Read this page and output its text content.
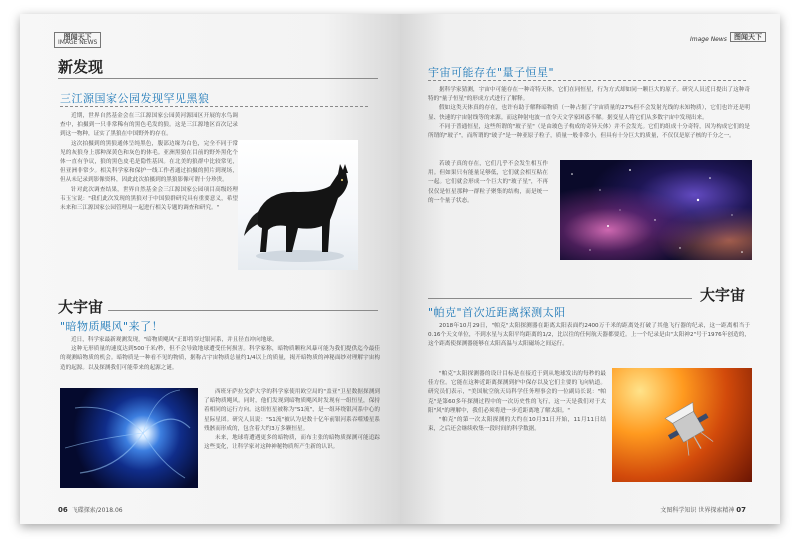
图闻天下
IMAGE NEWS
新发现
三江源国家公园发现罕见黑狼

近期，世界自然基金会在三江源国家公园黄河源园区开展的水鸟调查中，拍摄到一只非常稀有的黑色毛发的狼。这是三江源地区首次记录到这一物种，证实了黑狼在中国野外的存在。

这次拍摄到的黑狼通体呈纯黑色，腹部边缘为白色，完全不同于常见的灰狼身上那种深黄色和灰色的体毛。亚洲黑狼在目前的野外黑化个体一直有争议，狼的黑色皮毛是隐性基因。在北美的狼群中比较常见，但亚洲非常少。相关科学家和保护一线工作者通过拍摄的照片到现场，但从未记录到影像资料，因此此次拍摄到的黑狼影像可谓十分珍贵。

针对此次调查结果，世界自然基金会三江源国家公园项目高级经理韦玉宝说："我们此次发现的黑狼对于中国狼群研究具有重要意义，希望未来和三江源国家公园管理局一起进行相关专题的调查和研究。"

大宇宙
"暗物质飓风"来了！

近日，科学家最新观测发现，"暗物质飓风"正即将穿过银河系，并且径直冲向地球。

这种无形质量的速度达到500千米/秒，但不会导致地球遭受任何损害。科学家称，暗物质颗粒风暴可能为我们提供迄今最佳的观测暗物质的机会。暗物质是一种看不见的物质，据称占宇宙物质总量约1/4以上的质量，揭开暗物质的神秘面纱对理解宇宙构造的起源。以及探测我们可能带来的起源之谜。

西班牙萨拉戈萨大学的科学家使用欧空局的"盖亚"卫星数据探测到了暗物质飓风。同时，他们发现到暗物质飓风时发现有一组恒星，保持着相同的运行方向。这组恒星被称为"S1流"，是一组环绕银河系中心的星际星团。研究人员说："S1流"被认为是数十亿年前银河系吞噬矮星系残骸而形成的，包含着大约3万多颗恒星。

未来，地球将遭遇更多的暗物质，而布主张的暗物质探测可能追踪这些变化，让科学家对这种神秘物质所产生新的认识。

06 飞碟探索/2018.06
Image News 图闻天下
宇宙可能存在"量子恒星"

据科学家猜测，宇宙中可能存在一种奇特天体，它们在同恒星，行为方式却如同一颗巨大的原子。研究人员近日提出了这种奇特的"量子恒星"的形成方式进行了解释。

假如这类天体真的存在，也许有助于解释暗物质（一种占据了宇宙质量的27%但不会发射光线的未知物质），它们也许还是明显、快速的宇宙射线等的来源。而这种射电波一直令天文学家困惑不解。据变星人将它们从多数宇宙中发现出来。

不同于普通恒星，这些所谓的"玻子星"（是由玻色子构成的奇异天体）并不会发光。它们的组成十分奇特，因为构成它们的是所谓的"玻子"，而所谓的"玻子"是一种亚原子粒子，质量一般非常小，但具有十分巨大的质量，不仅仅是原子核的千分之一。

若玻子真的存在，它们几乎不会发生相互作用。但如果只有能量足够低，它们就会相互粘在一起。它们就会形成一个巨大的"玻子星"，不再仅仅是恒星那种一群粒子聚集的结构，而是统一的一个量子状态。

大宇宙
"帕克"首次近距离探测太阳

2018年10月29日，"帕克"太阳探测器在距离太阳表面约2400万千米的距离处打破了其他飞行器的纪录，这一距离相当于0.16个天文单位，不到水星与太阳平均距离的1/2，比以往的任何航天器都要近。上一个纪录是由"太阳神2"号于1976年创造的，这个距离使探测器能够在太阳高温与太阳磁场之间运行。

"帕克"太阳探测器的设计目标是在接近于到从地球发出的每秒的最佳方位。它能在这种近距离探测到护中保存以及它们主要的飞向轨道。研究员们表示，"美国航空航天局科学任务理事会的一位副局长说："帕克"是第60多年探测过程中的一次历史性的飞行，这一天是我们对于太阳"风"的理解中，我们必须将进一步近距离地了解太阳。"

"帕克"的第一次太阳探测的大约在10月31日开始，11月11日结束，之后还会继续收集一段时间的科学数据。

文图科学知识 世界探索精神 07
